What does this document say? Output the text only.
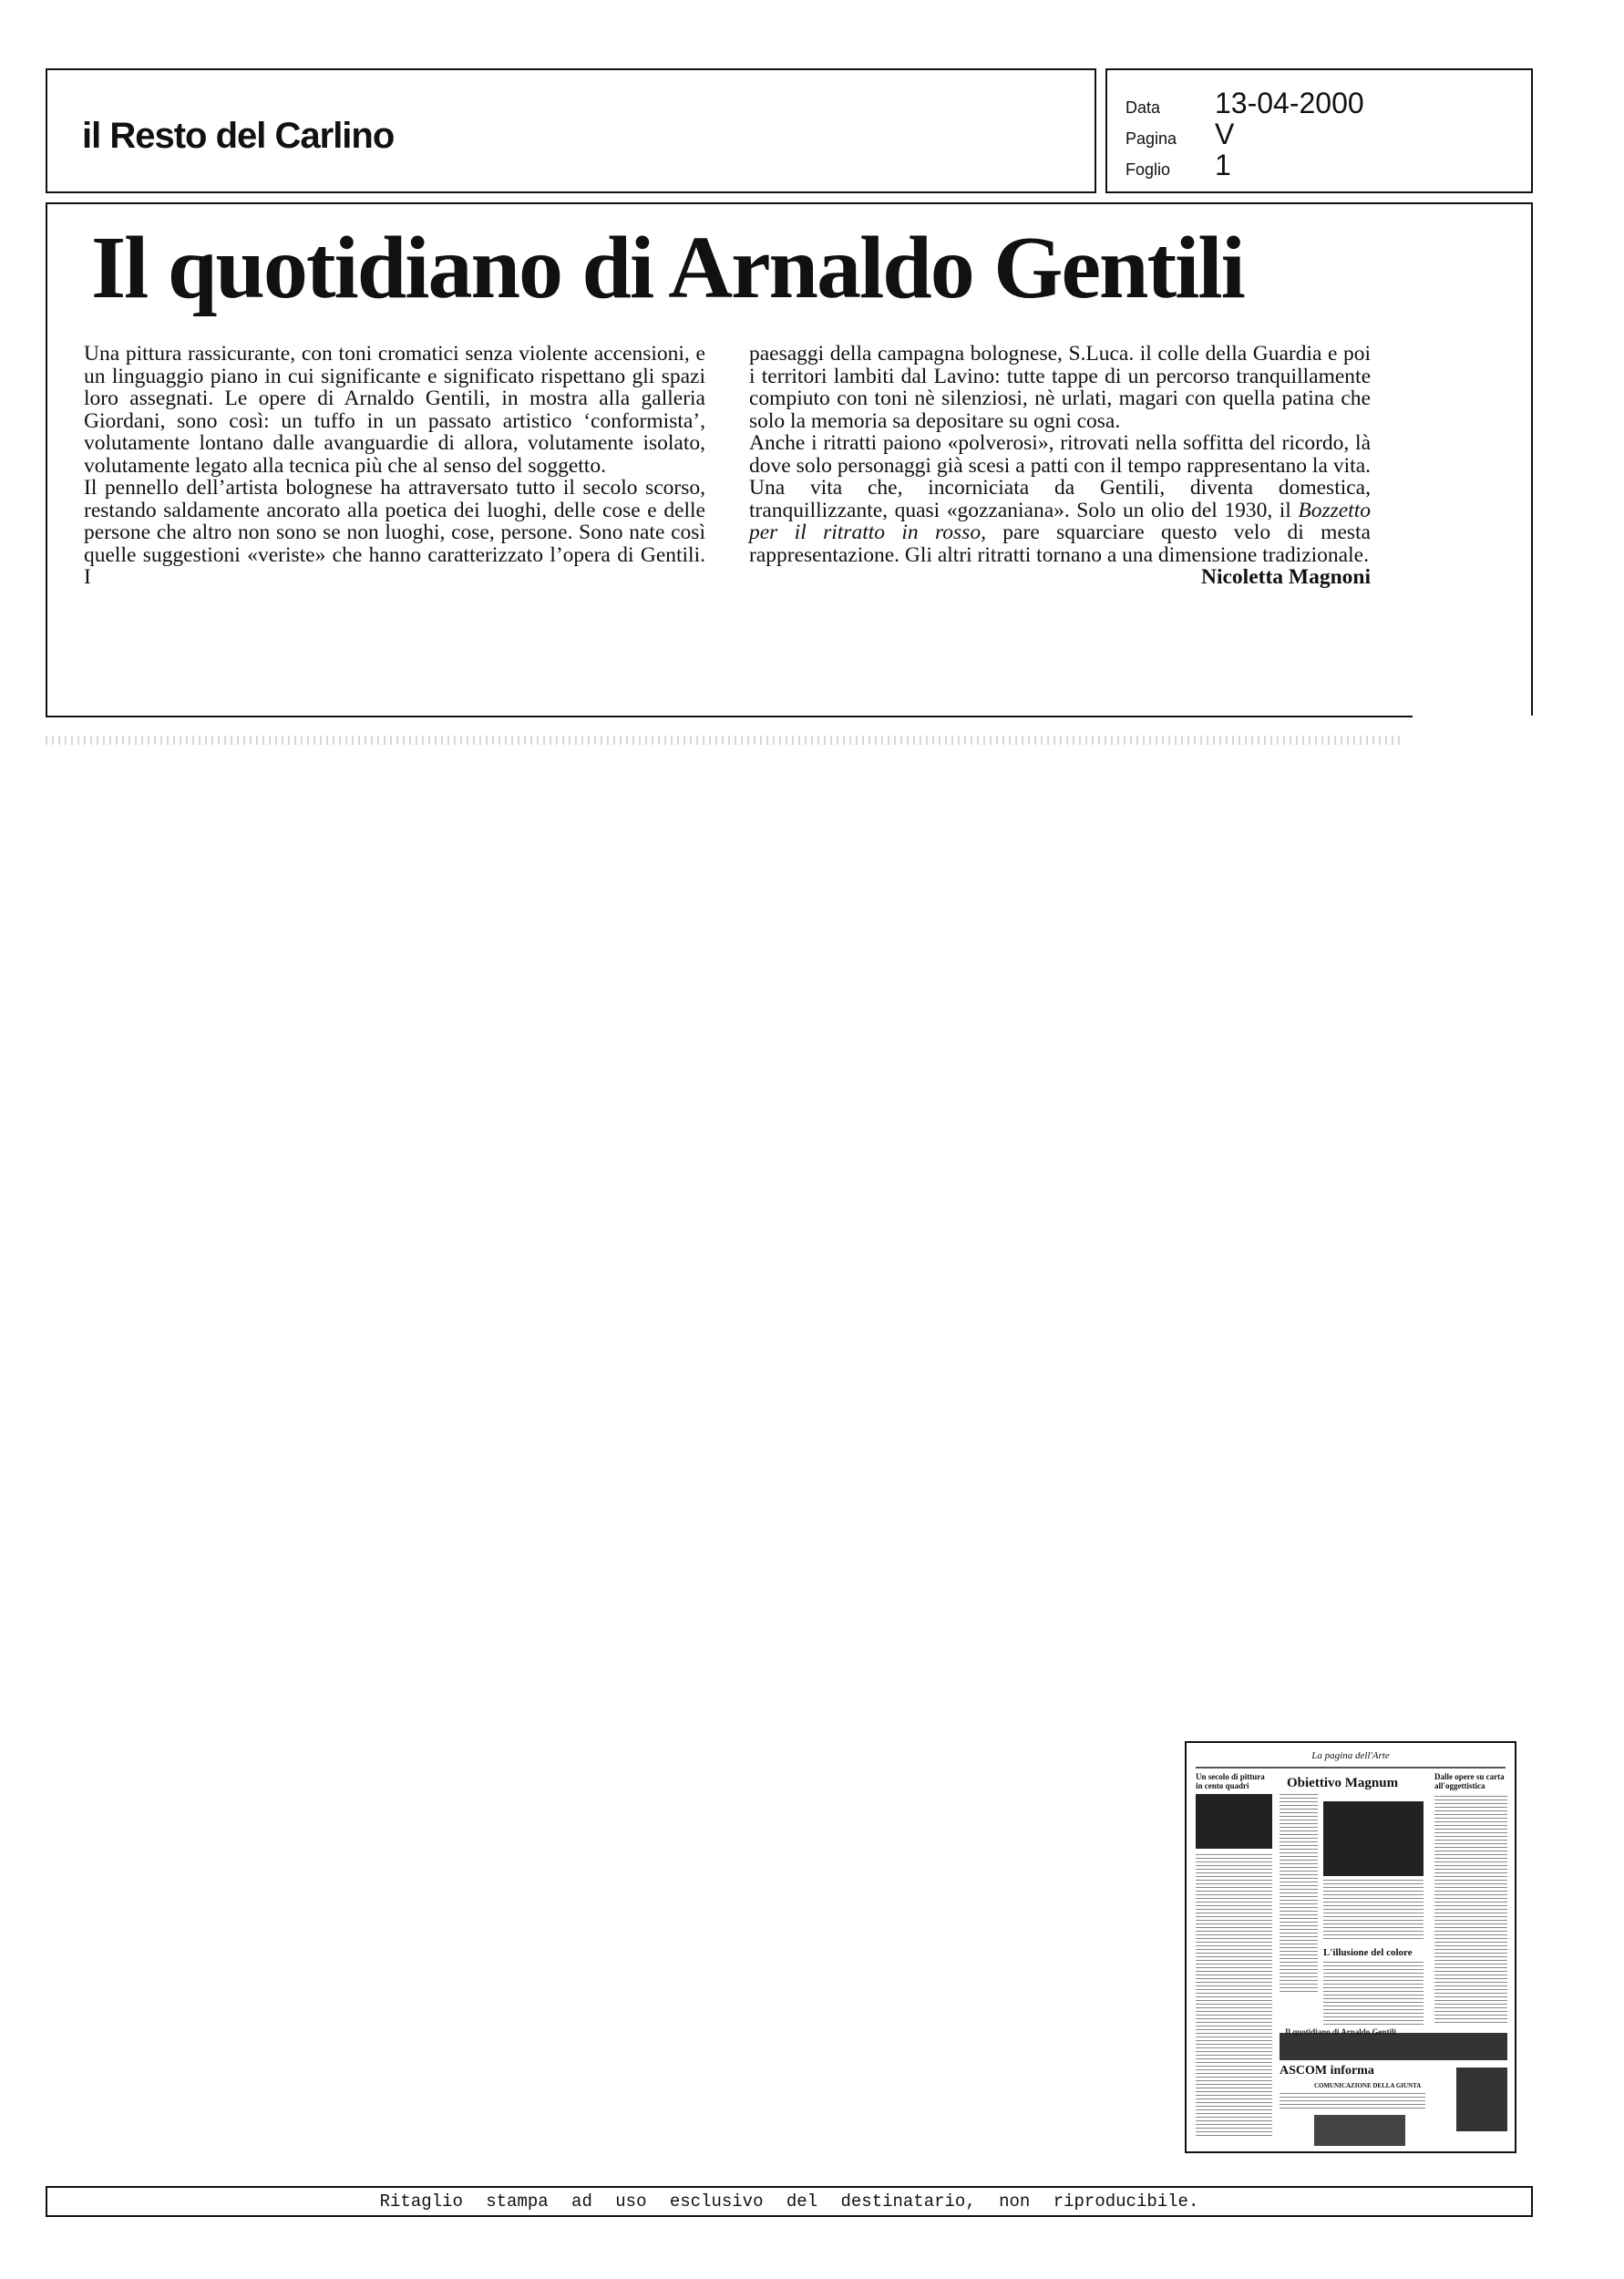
il Resto del Carlino
Data	13-04-2000
Pagina	V
Foglio	1
Il quotidiano di Arnaldo Gentili

Una pittura rassicurante, con toni cromatici senza violente accensioni, e un linguaggio piano in cui significante e significato rispettano gli spazi loro assegnati. Le opere di Arnaldo Gentili, in mostra alla galleria Giordani, sono così: un tuffo in un passato artistico ‘conformista’, volutamente lontano dalle avanguardie di allora, volutamente isolato, volutamente legato alla tecnica più che al senso del soggetto.

Il pennello dell’artista bolognese ha attraversato tutto il secolo scorso, restando saldamente ancorato alla poetica dei luoghi, delle cose e delle persone che altro non sono se non luoghi, cose, persone. Sono nate così quelle suggestioni «veriste» che hanno caratterizzato l’opera di Gentili. I

paesaggi della campagna bolognese, S.Luca. il colle della Guardia e poi i territori lambiti dal Lavino: tutte tappe di un percorso tranquillamente compiuto con toni nè silenziosi, nè urlati, magari con quella patina che solo la memoria sa depositare su ogni cosa.

Anche i ritratti paiono «polverosi», ritrovati nella soffitta del ricordo, là dove solo personaggi già scesi a patti con il tempo rappresentano la vita. Una vita che, incorniciata da Gentili, diventa domestica, tranquillizzante, quasi «gozzaniana». Solo un olio del 1930, il Bozzetto per il ritratto in rosso, pare squarciare questo velo di mesta rappresentazione. Gli altri ritratti tornano a una dimensione tradizionale.

Nicoletta Magnoni

La pagina dell'Arte
Un secolo di pittura in cento quadri	Obiettivo Magnum
L'illusione del colore
Dalle opere su carta all'oggettistica
Il quotidiano di Arnaldo Gentili
ASCOM informa
COMUNICAZIONE DELLA GIUNTA
Ritaglio stampa ad uso esclusivo del destinatario, non riproducibile.
